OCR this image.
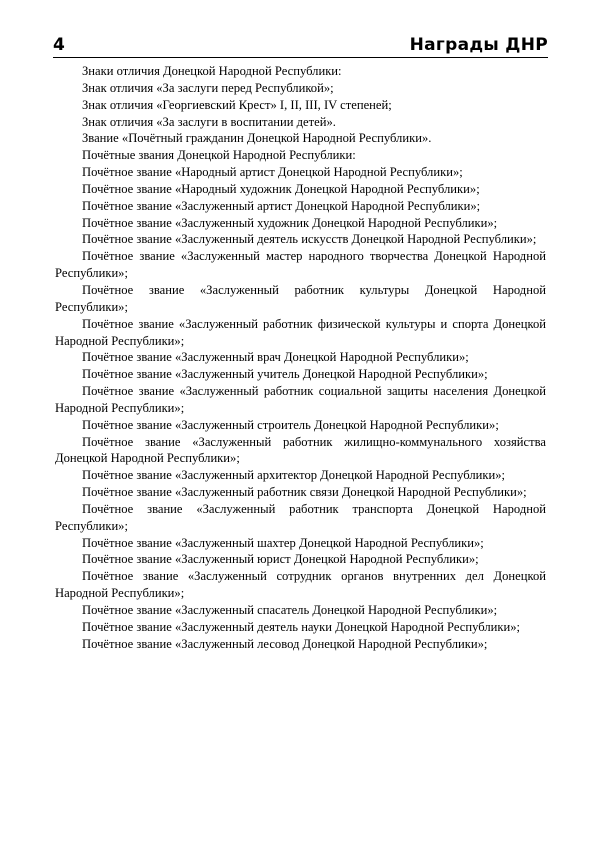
4	Награды ДНР

Знаки отличия Донецкой Народной Республики:

Знак отличия «За заслуги перед Республикой»;

Знак отличия «Георгиевский Крест» I, II, III, IV степеней;

Знак отличия «За заслуги в воспитании детей».

Звание «Почётный гражданин Донецкой Народной Республики».

Почётные звания Донецкой Народной Республики:

Почётное звание «Народный артист Донецкой Народной Республики»;

Почётное звание «Народный художник Донецкой Народной Республики»;

Почётное звание «Заслуженный артист Донецкой Народной Республики»;

Почётное звание «Заслуженный художник Донецкой Народной Республики»;

Почётное звание «Заслуженный деятель искусств Донецкой Народной Республики»;

Почётное звание «Заслуженный мастер народного творчества Донецкой Народной Республики»;

Почётное звание «Заслуженный работник культуры Донецкой Народной Республики»;

Почётное звание «Заслуженный работник физической культуры и спорта Донецкой Народной Республики»;

Почётное звание «Заслуженный врач Донецкой Народной Республики»;

Почётное звание «Заслуженный учитель Донецкой Народной Республики»;

Почётное звание «Заслуженный работник социальной защиты населения Донецкой Народной Республики»;

Почётное звание «Заслуженный строитель Донецкой Народной Республики»;

Почётное звание «Заслуженный работник жилищно-коммунального хозяйства Донецкой Народной Республики»;

Почётное звание «Заслуженный архитектор Донецкой Народной Республики»;

Почётное звание «Заслуженный работник связи Донецкой Народной Республики»;

Почётное звание «Заслуженный работник транспорта Донецкой Народной Республики»;

Почётное звание «Заслуженный шахтер Донецкой Народной Республики»;

Почётное звание «Заслуженный юрист Донецкой Народной Республики»;

Почётное звание «Заслуженный сотрудник органов внутренних дел Донецкой Народной Республики»;

Почётное звание «Заслуженный спасатель Донецкой Народной Республики»;

Почётное звание «Заслуженный деятель науки Донецкой Народной Республики»;

Почётное звание «Заслуженный лесовод Донецкой Народной Республики»;
